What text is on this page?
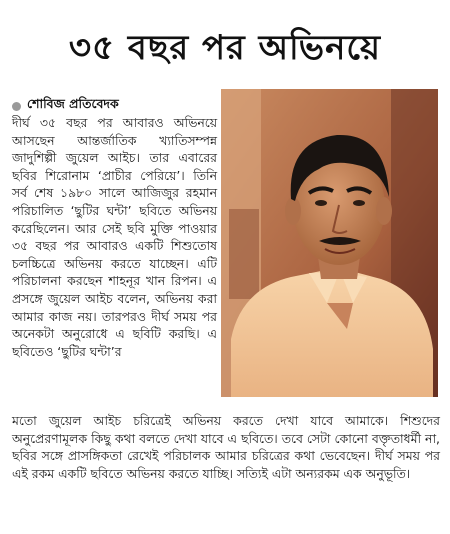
৩৫ বছর পর অভিনয়ে
শোবিজ প্রতিবেদক

দীর্ঘ ৩৫ বছর পর আবারও অভিনয়ে আসছেন আন্তর্জাতিক খ্যাতিসম্পন্ন জাদুশিল্পী জুয়েল আইচ। তার এবারের ছবির শিরোনাম ‘প্রাচীর পেরিয়ে’। তিনি সর্ব শেষ ১৯৮০ সালে আজিজুর রহমান পরিচালিত ‘ছুটির ঘন্টা’ ছবিতে অভিনয় করেছিলেন। আর সেই ছবি মুক্তি পাওয়ার ৩৫ বছর পর আবারও একটি শিশুতোষ চলচ্চিত্রে অভিনয় করতে যাচ্ছেন। এটি পরিচালনা করছেন শাহনূর খান রিপন। এ প্রসঙ্গে জুয়েল আইচ বলেন, অভিনয় করা আমার কাজ নয়। তারপরও দীর্ঘ সময় পর অনেকটা অনুরোধে এ ছবিটি করছি। এ ছবিতেও ‘ছুটির ঘন্টা’র

মতো জুয়েল আইচ চরিত্রেই অভিনয় করতে দেখা যাবে আমাকে। শিশুদের অনুপ্রেরণামূলক কিছু কথা বলতে দেখা যাবে এ ছবিতে। তবে সেটা কোনো বক্তৃতাধর্মী না, ছবির সঙ্গে প্রাসঙ্গিকতা রেখেই পরিচালক আমার চরিত্রের কথা ভেবেছেন। দীর্ঘ সময় পর এই রকম একটি ছবিতে অভিনয় করতে যাচ্ছি। সত্যিই এটা অন্যরকম এক অনুভূতি।
